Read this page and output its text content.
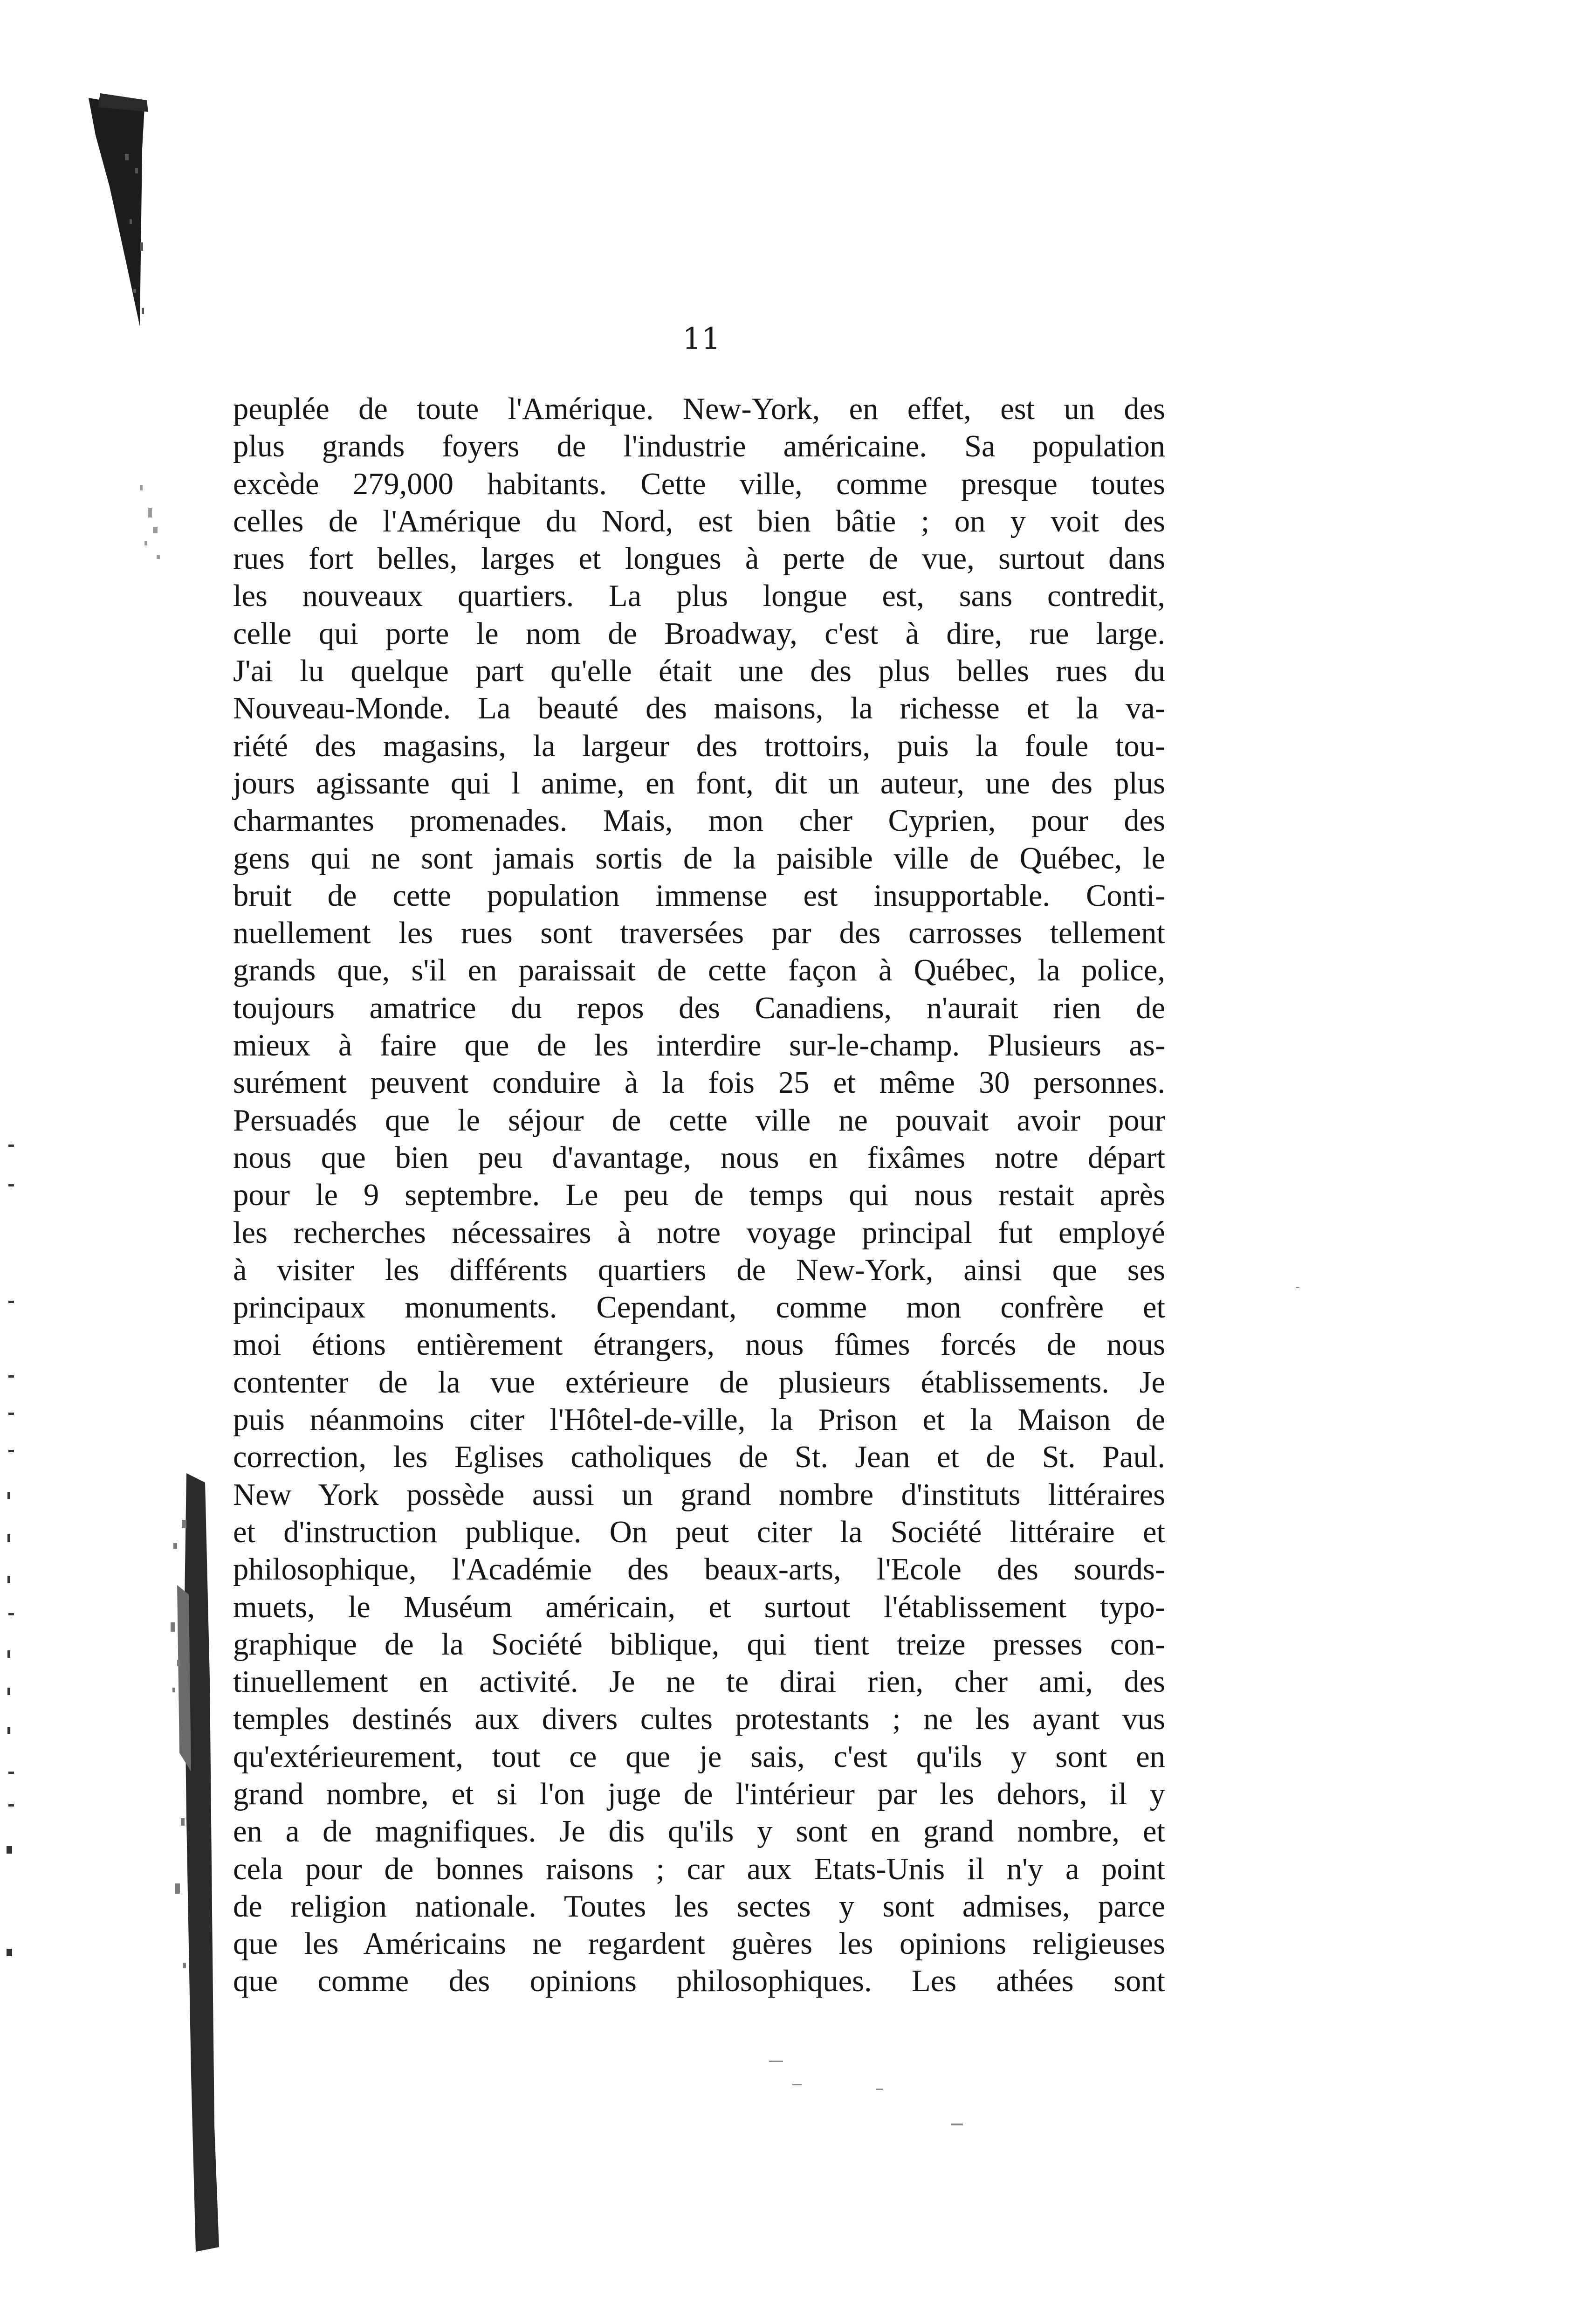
11
peuplée de toute l'Amérique. New-York, en effet, est un des
plus grands foyers de l'industrie américaine. Sa population
excède 279,000 habitants. Cette ville, comme presque toutes
celles de l'Amérique du Nord, est bien bâtie ; on y voit des
rues fort belles, larges et longues à perte de vue, surtout dans
les nouveaux quartiers. La plus longue est, sans contredit,
celle qui porte le nom de Broadway, c'est à dire, rue large.
J'ai lu quelque part qu'elle était une des plus belles rues du
Nouveau-Monde. La beauté des maisons, la richesse et la va-
riété des magasins, la largeur des trottoirs, puis la foule tou-
jours agissante qui l anime, en font, dit un auteur, une des plus
charmantes promenades. Mais, mon cher Cyprien, pour des
gens qui ne sont jamais sortis de la paisible ville de Québec, le
bruit de cette population immense est insupportable. Conti-
nuellement les rues sont traversées par des carrosses tellement
grands que, s'il en paraissait de cette façon à Québec, la police,
toujours amatrice du repos des Canadiens, n'aurait rien de
mieux à faire que de les interdire sur-le-champ. Plusieurs as-
surément peuvent conduire à la fois 25 et même 30 personnes.
Persuadés que le séjour de cette ville ne pouvait avoir pour
nous que bien peu d'avantage, nous en fixâmes notre départ
pour le 9 septembre. Le peu de temps qui nous restait après
les recherches nécessaires à notre voyage principal fut employé
à visiter les différents quartiers de New-York, ainsi que ses
principaux monuments. Cependant, comme mon confrère et
moi étions entièrement étrangers, nous fûmes forcés de nous
contenter de la vue extérieure de plusieurs établissements. Je
puis néanmoins citer l'Hôtel-de-ville, la Prison et la Maison de
correction, les Eglises catholiques de St. Jean et de St. Paul.
New York possède aussi un grand nombre d'instituts littéraires
et d'instruction publique. On peut citer la Société littéraire et
philosophique, l'Académie des beaux-arts, l'Ecole des sourds-
muets, le Muséum américain, et surtout l'établissement typo-
graphique de la Société biblique, qui tient treize presses con-
tinuellement en activité. Je ne te dirai rien, cher ami, des
temples destinés aux divers cultes protestants ; ne les ayant vus
qu'extérieurement, tout ce que je sais, c'est qu'ils y sont en
grand nombre, et si l'on juge de l'intérieur par les dehors, il y
en a de magnifiques. Je dis qu'ils y sont en grand nombre, et
cela pour de bonnes raisons ; car aux Etats-Unis il n'y a point
de religion nationale. Toutes les sectes y sont admises, parce
que les Américains ne regardent guères les opinions religieuses
que comme des opinions philosophiques. Les athées sont
